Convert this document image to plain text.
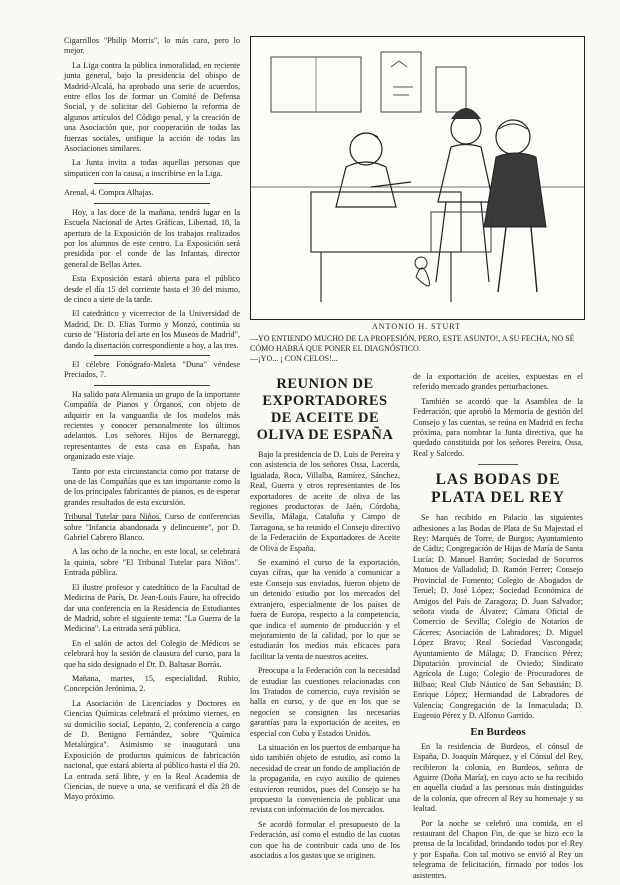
Cigarrillos "Philip Morris", lo más caro, pero lo mejor.

La Liga contra la pública inmoralidad, en reciente junta general, bajo la presidencia del obispo de Madrid-Alcalá, ha aprobado una serie de acuerdos, entre ellos los de formar un Comité de Defensa Social, y de solicitar del Gobierno la reforma de algunos artículos del Código penal, y la creación de una Asociación que, por cooperación de todas las fuerzas sociales, unifique la acción de todas las Asociaciones similares.

La Junta invita a todas aquellas personas que simpaticen con la causa, a inscribirse en la Liga.

Arenal, 4. Compra Alhajas.

Hoy, a las doce de la mañana, tendrá lugar en la Escuela Nacional de Artes Gráficas, Libertad, 18, la apertura de la Exposición de los trabajos realizados por los alumnos de este centro. La Exposición será presidida por el conde de las Infantas, director general de Bellas Artes.

Esta Exposición estará abierta para el público desde el día 15 del corriente hasta el 30 del mismo, de cinco a siete de la tarde.

El catedrático y vicerrector de la Universidad de Madrid, Dr. D. Elías Tormo y Monzó, continúa su curso de "Historia del arte en los Museos de Madrid", dando la disertación correspondiente a hoy, a las tres.

El célebre Fonógrafo-Maleta "Duna" véndese Preciados, 7.

Ha salido para Alemania un grupo de la importante Compañía de Pianos y Órganos, con objeto de adquirir en la vanguardia de los modelos más recientes y conocer personalmente los últimos adelantos. Los señores Hijos de Bernareggi, representantes de esta casa en España, han organizado este viaje.

Tanto por esta circunstancia como por tratarse de una de las Compañías que es tan importante como la de los principales fabricantes de pianos, es de esperar grandes resultados de esta excursión.

Tribunal Tutelar para Niños. Curso de conferencias sobre "Infancia abandonada y delincuente", por D. Gabriel Cabrero Blanco.

A las ocho de la noche, en este local, se celebrará la quinta, sobre "El Tribunal Tutelar para Niños". Entrada pública.

El ilustre profesor y catedrático de la Facultad de Medicina de París, Dr. Jean-Louis Faure, ha ofrecido dar una conferencia en la Residencia de Estudiantes de Madrid, sobre el siguiente tema: "La Guerra de la Medicina". La entrada será pública.

En el salón de actos del Colegio de Médicos se celebrará hoy la sesión de clausura del curso, para la que ha sido designado el Dr. D. Baltasar Borrás.

Mañana, martes, 15, especialidad. Rubio, Concepción Jerónima, 2.

La Asociación de Licenciados y Doctores en Ciencias Químicas celebrará el próximo viernes, en su domicilio social, Lepanto, 2, conferencia a cargo de D. Benigno Fernández, sobre "Química Metalúrgica". Asimismo se inaugurará una Exposición de productos químicos de fabricación nacional, que estará abierta al público hasta el día 20. La entrada será libre, y en la Real Academia de Ciencias, de nueve a una, se verificará el día 28 de Mayo próximo.

ANTONIO H. STURT
—YO ENTIENDO MUCHO DE LA PROFESIÓN, PERO, ESTE ASUNTO!, A SU FECHA, NO SÉ CÓMO HABRÁ QUE PONER EL DIAGNÓSTICO.
—¡YO... ¡ CON CELOS!...
REUNION DE EXPORTADORES DE ACEITE DE OLIVA DE ESPAÑA

Bajo la presidencia de D. Luis de Pereira y con asistencia de los señores Ossa, Lacerda, Igualada, Roca, Villalba, Ramírez, Sánchez, Real, Guerra y otros representantes de los exportadores de aceite de oliva de las regiones productoras de Jaén, Córdoba, Sevilla, Málaga, Cataluña y Campo de Tarragona, se ha reunido el Consejo directivo de la Federación de Exportadores de Aceite de Oliva de España.

Se examinó el curso de la exportación, cuyas cifras, que ha venido a comunicar a este Consejo sus enviados, fueron objeto de un detenido estudio por los mercados del extranjero, especialmente de los países de fuera de Europa, respecto a la competencia, que indica el aumento de producción y el mejoramiento de la calidad, por lo que se estudiarán los medios más eficaces para facilitar la venta de nuestros aceites.

Preocupa a la Federación con la necesidad de estudiar las cuestiones relacionadas con los Tratados de comercio, cuya revisión se halla en curso, y de que en los que se negocien se consignen las necesarias garantías para la exportación de aceites, en especial con Cuba y Estados Unidos.

La situación en los puertos de embarque ha sido también objeto de estudio, así como la necesidad de crear un fondo de ampliación de la propaganda, en cuyo auxilio de quienes estuvieron reunidos, pues del Consejo se ha propuesto la conveniencia de publicar una revista con información de los mercados.

Se acordó formular el presupuesto de la Federación, así como el estudio de las cuotas con que ha de contribuir cada uno de los asociados a los gastos que se originen.

de la exportación de aceites, expuestas en el referido mercado grandes perturbaciones.

También se acordó que la Asamblea de la Federación, que aprobó la Memoria de gestión del Consejo y las cuentas, se reúna en Madrid en fecha próxima, para nombrar la Junta directiva, que ha quedado constituida por los señores Pereira, Ossa, Real y Salcedo.

LAS BODAS DE PLATA DEL REY

Se han recibido en Palacio las siguientes adhesiones a las Bodas de Plata de Su Majestad el Rey: Marqués de Torre, de Burgos; Ayuntamiento de Cádiz; Congregación de Hijas de María de Santa Lucía; D. Manuel Barrón; Sociedad de Socorros Mutuos de Valladolid; D. Ramón Ferrer; Consejo Provincial de Fomento; Colegio de Abogados de Teruel; D. José López; Sociedad Económica de Amigos del País de Zaragoza; D. Juan Salvador; señora viuda de Álvarez; Cámara Oficial de Comercio de Sevilla; Colegio de Notarios de Cáceres; Asociación de Labradores; D. Miguel López Bravo; Real Sociedad Vascongada; Ayuntamiento de Málaga; D. Francisco Pérez; Diputación provincial de Oviedo; Sindicato Agrícola de Lugo; Colegio de Procuradores de Bilbao; Real Club Náutico de San Sebastián; D. Enrique López; Hermandad de Labradores de Valencia; Congregación de la Inmaculada; D. Eugenio Pérez y D. Alfonso Garrido.

En Burdeos

En la residencia de Burdeos, el cónsul de España, D. Joaquín Márquez, y el Cónsul del Rey, recibieron la colonia, en Burdeos, señora de Aguirre (Doña María), en cuyo acto se ha recibido en aquella ciudad a las personas más distinguidas de la colonia, que ofrecen al Rey su homenaje y su lealtad.

Por la noche se celebró una comida, en el restaurant del Chapon Fin, de que se hizo eco la prensa de la localidad, brindando todos por el Rey y por España. Con tal motivo se envió al Rey un telegrama de felicitación, firmado por todos los asistentes.
